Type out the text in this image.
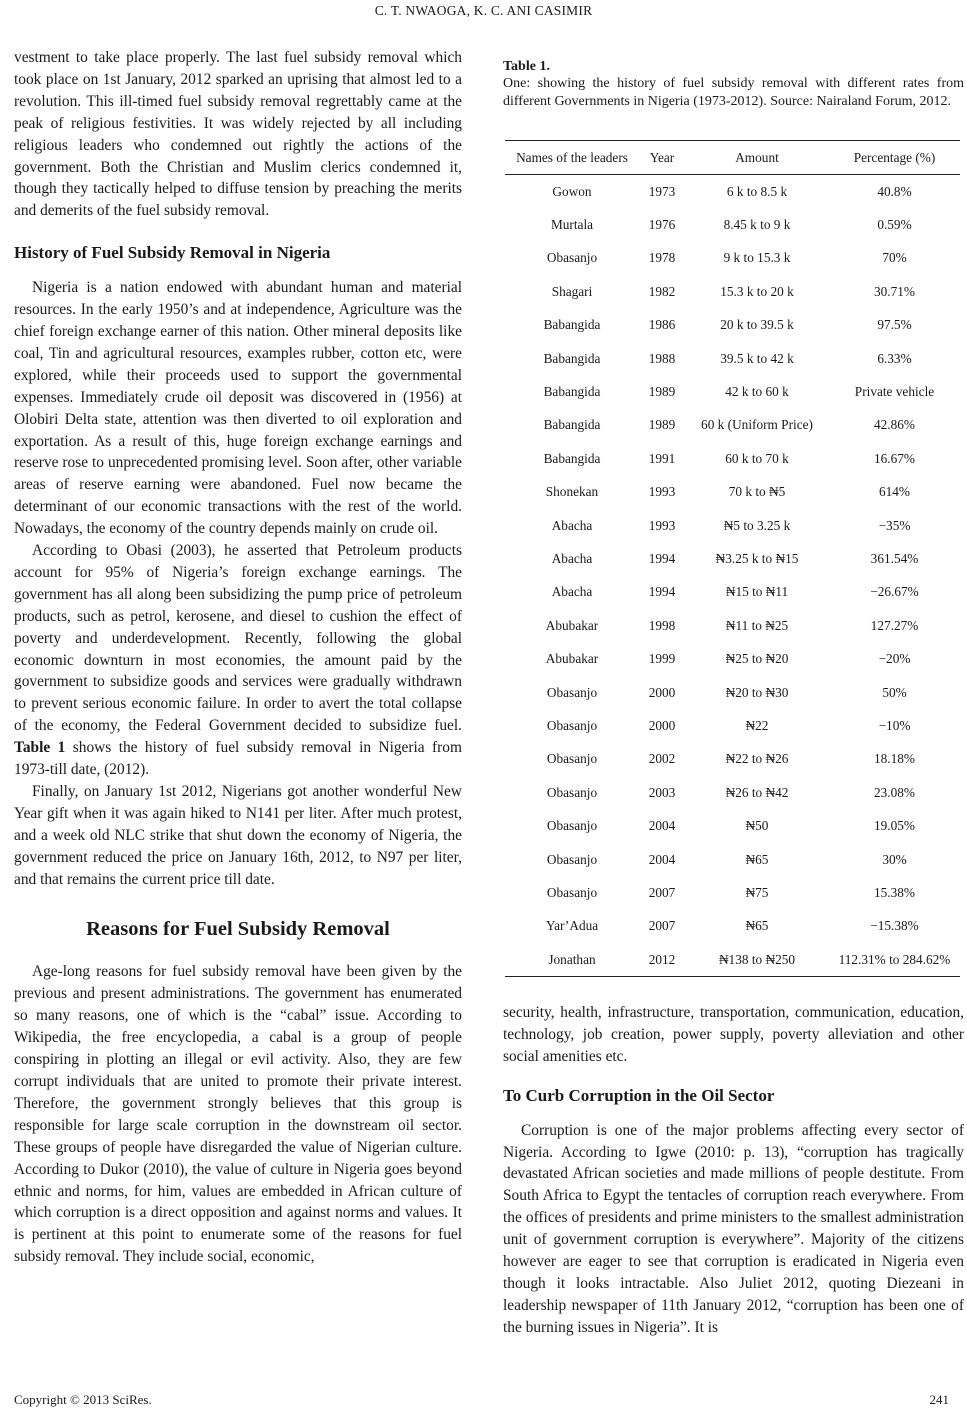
C. T. NWAOGA, K. C. ANI CASIMIR

vestment to take place properly. The last fuel subsidy removal which took place on 1st January, 2012 sparked an uprising that almost led to a revolution. This ill-timed fuel subsidy removal regrettably came at the peak of religious festivities. It was widely rejected by all including religious leaders who condemned out rightly the actions of the government. Both the Christian and Muslim clerics condemned it, though they tactically helped to diffuse tension by preaching the merits and demerits of the fuel subsidy removal.

History of Fuel Subsidy Removal in Nigeria

Nigeria is a nation endowed with abundant human and material resources. In the early 1950’s and at independence, Agriculture was the chief foreign exchange earner of this nation. Other mineral deposits like coal, Tin and agricultural resources, examples rubber, cotton etc, were explored, while their proceeds used to support the governmental expenses. Immediately crude oil deposit was discovered in (1956) at Olobiri Delta state, attention was then diverted to oil exploration and exportation. As a result of this, huge foreign exchange earnings and reserve rose to unprecedented promising level. Soon after, other variable areas of reserve earning were abandoned. Fuel now became the determinant of our economic transactions with the rest of the world. Nowadays, the economy of the country depends mainly on crude oil.

According to Obasi (2003), he asserted that Petroleum products account for 95% of Nigeria’s foreign exchange earnings. The government has all along been subsidizing the pump price of petroleum products, such as petrol, kerosene, and diesel to cushion the effect of poverty and underdevelopment. Recently, following the global economic downturn in most economies, the amount paid by the government to subsidize goods and services were gradually withdrawn to prevent serious economic failure. In order to avert the total collapse of the economy, the Federal Government decided to subsidize fuel. Table 1 shows the history of fuel subsidy removal in Nigeria from 1973-till date, (2012).

Finally, on January 1st 2012, Nigerians got another wonderful New Year gift when it was again hiked to N141 per liter. After much protest, and a week old NLC strike that shut down the economy of Nigeria, the government reduced the price on January 16th, 2012, to N97 per liter, and that remains the current price till date.

Reasons for Fuel Subsidy Removal

Age-long reasons for fuel subsidy removal have been given by the previous and present administrations. The government has enumerated so many reasons, one of which is the “cabal” issue. According to Wikipedia, the free encyclopedia, a cabal is a group of people conspiring in plotting an illegal or evil activity. Also, they are few corrupt individuals that are united to promote their private interest. Therefore, the government strongly believes that this group is responsible for large scale corruption in the downstream oil sector. These groups of people have disregarded the value of Nigerian culture. According to Dukor (2010), the value of culture in Nigeria goes beyond ethnic and norms, for him, values are embedded in African culture of which corruption is a direct opposition and against norms and values. It is pertinent at this point to enumerate some of the reasons for fuel subsidy removal. They include social, economic,

Table 1.
One: showing the history of fuel subsidy removal with different rates from different Governments in Nigeria (1973-2012). Source: Nairaland Forum, 2012.
Names of the leaders	Year	Amount	Percentage (%)
Gowon	1973	6 k to 8.5 k	40.8%
Murtala	1976	8.45 k to 9 k	0.59%
Obasanjo	1978	9 k to 15.3 k	70%
Shagari	1982	15.3 k to 20 k	30.71%
Babangida	1986	20 k to 39.5 k	97.5%
Babangida	1988	39.5 k to 42 k	6.33%
Babangida	1989	42 k to 60 k	Private vehicle
Babangida	1989	60 k (Uniform Price)	42.86%
Babangida	1991	60 k to 70 k	16.67%
Shonekan	1993	70 k to ₦5	614%
Abacha	1993	₦5 to 3.25 k	−35%
Abacha	1994	₦3.25 k to ₦15	361.54%
Abacha	1994	₦15 to ₦11	−26.67%
Abubakar	1998	₦11 to ₦25	127.27%
Abubakar	1999	₦25 to ₦20	−20%
Obasanjo	2000	₦20 to ₦30	50%
Obasanjo	2000	₦22	−10%
Obasanjo	2002	₦22 to ₦26	18.18%
Obasanjo	2003	₦26 to ₦42	23.08%
Obasanjo	2004	₦50	19.05%
Obasanjo	2004	₦65	30%
Obasanjo	2007	₦75	15.38%
Yar’Adua	2007	₦65	−15.38%
Jonathan	2012	₦138 to ₦250	112.31% to 284.62%

security, health, infrastructure, transportation, communication, education, technology, job creation, power supply, poverty alleviation and other social amenities etc.

To Curb Corruption in the Oil Sector

Corruption is one of the major problems affecting every sector of Nigeria. According to Igwe (2010: p. 13), “corruption has tragically devastated African societies and made millions of people destitute. From South Africa to Egypt the tentacles of corruption reach everywhere. From the offices of presidents and prime ministers to the smallest administration unit of government corruption is everywhere”. Majority of the citizens however are eager to see that corruption is eradicated in Nigeria even though it looks intractable. Also Juliet 2012, quoting Diezeani in leadership newspaper of 11th January 2012, “corruption has been one of the burning issues in Nigeria”. It is

Copyright © 2013 SciRes.	241
